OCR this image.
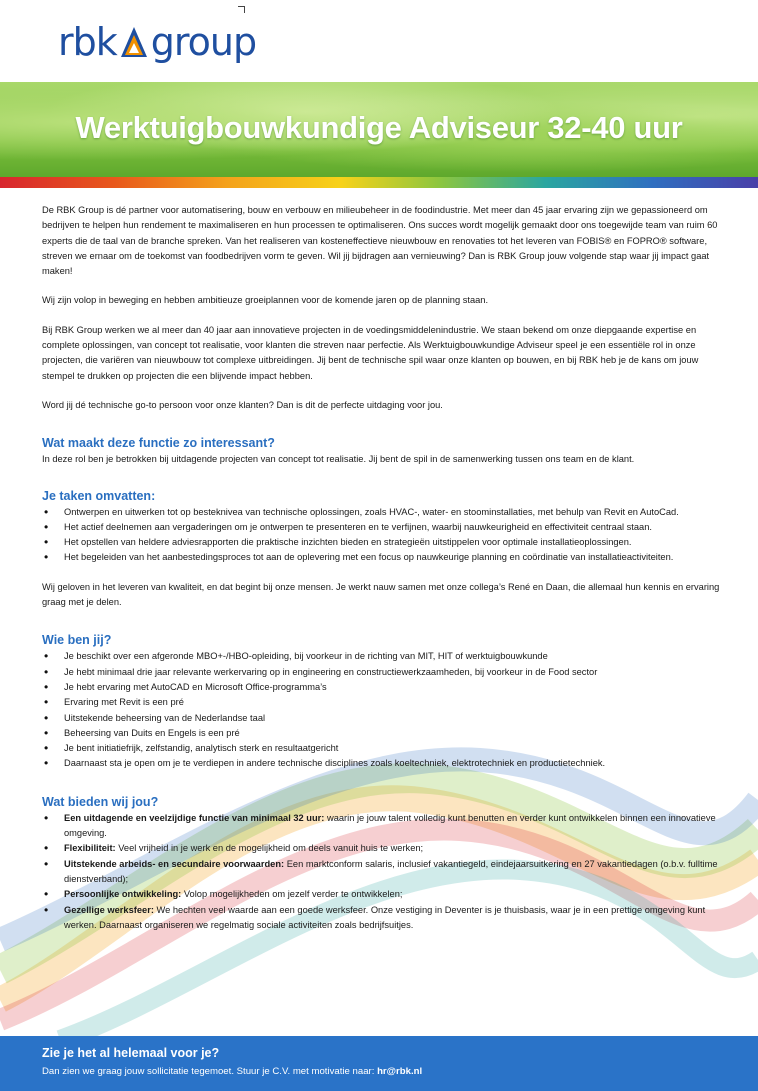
rbk group
Werktuigbouwkundige Adviseur 32-40 uur

De RBK Group is dé partner voor automatisering, bouw en verbouw en milieubeheer in de foodindustrie. Met meer dan 45 jaar ervaring zijn we gepassioneerd om bedrijven te helpen hun rendement te maximaliseren en hun processen te optimaliseren. Ons succes wordt mogelijk gemaakt door ons toegewijde team van ruim 60 experts die de taal van de branche spreken. Van het realiseren van kosteneffectieve nieuwbouw en renovaties tot het leveren van FOBIS® en FOPRO® software, streven we ernaar om de toekomst van foodbedrijven vorm te geven. Wil jij bijdragen aan vernieuwing? Dan is RBK Group jouw volgende stap waar jij impact gaat maken!

Wij zijn volop in beweging en hebben ambitieuze groeiplannen voor de komende jaren op de planning staan.

Bij RBK Group werken we al meer dan 40 jaar aan innovatieve projecten in de voedingsmiddelenindustrie. We staan bekend om onze diepgaande expertise en complete oplossingen, van concept tot realisatie, voor klanten die streven naar perfectie. Als Werktuigbouwkundige Adviseur speel je een essentiële rol in onze projecten, die variëren van nieuwbouw tot complexe uitbreidingen. Jij bent de technische spil waar onze klanten op bouwen, en bij RBK heb je de kans om jouw stempel te drukken op projecten die een blijvende impact hebben.

Word jij dé technische go-to persoon voor onze klanten? Dan is dit de perfecte uitdaging voor jou.

Wat maakt deze functie zo interessant?
In deze rol ben je betrokken bij uitdagende projecten van concept tot realisatie. Jij bent de spil in de samenwerking tussen ons team en de klant.
Je taken omvatten:
• Ontwerpen en uitwerken tot op besteknivea van technische oplossingen, zoals HVAC-, water- en stoominstallaties, met behulp van Revit en AutoCad.
• Het actief deelnemen aan vergaderingen om je ontwerpen te presenteren en te verfijnen, waarbij nauwkeurigheid en effectiviteit centraal staan.
• Het opstellen van heldere adviesrapporten die praktische inzichten bieden en strategieën uitstippelen voor optimale installatieoplossingen.
• Het begeleiden van het aanbestedingsproces tot aan de oplevering met een focus op nauwkeurige planning en coördinatie van installatieactiviteiten.

Wij geloven in het leveren van kwaliteit, en dat begint bij onze mensen. Je werkt nauw samen met onze collega’s René en Daan, die allemaal hun kennis en ervaring graag met je delen.

Wie ben jij?
• Je beschikt over een afgeronde MBO+-/HBO-opleiding, bij voorkeur in de richting van MIT, HIT of werktuigbouwkunde
• Je hebt minimaal drie jaar relevante werkervaring op in engineering en constructiewerkzaamheden, bij voorkeur in de Food sector
• Je hebt ervaring met AutoCAD en Microsoft Office-programma’s
• Ervaring met Revit is een pré
• Uitstekende beheersing van de Nederlandse taal
• Beheersing van Duits en Engels is een pré
• Je bent initiatiefrijk, zelfstandig, analytisch sterk en resultaatgericht
• Daarnaast sta je open om je te verdiepen in andere technische disciplines zoals koeltechniek, elektrotechniek en productietechniek.
Wat bieden wij jou?
• Een uitdagende en veelzijdige functie van minimaal 32 uur: waarin je jouw talent volledig kunt benutten en verder kunt ontwikkelen binnen een innovatieve omgeving.
• Flexibiliteit: Veel vrijheid in je werk en de mogelijkheid om deels vanuit huis te werken;
• Uitstekende arbeids- en secundaire voorwaarden: Een marktconform salaris, inclusief vakantiegeld, eindejaarsuitkering en 27 vakantiedagen (o.b.v. fulltime dienstverband);
• Persoonlijke ontwikkeling: Volop mogelijkheden om jezelf verder te ontwikkelen;
• Gezellige werksfeer: We hechten veel waarde aan een goede werksfeer. Onze vestiging in Deventer is je thuisbasis, waar je in een prettige omgeving kunt werken. Daarnaast organiseren we regelmatig sociale activiteiten zoals bedrijfsuitjes.
Zie je het al helemaal voor je?
Dan zien we graag jouw sollicitatie tegemoet. Stuur je C.V. met motivatie naar: hr@rbk.nl
